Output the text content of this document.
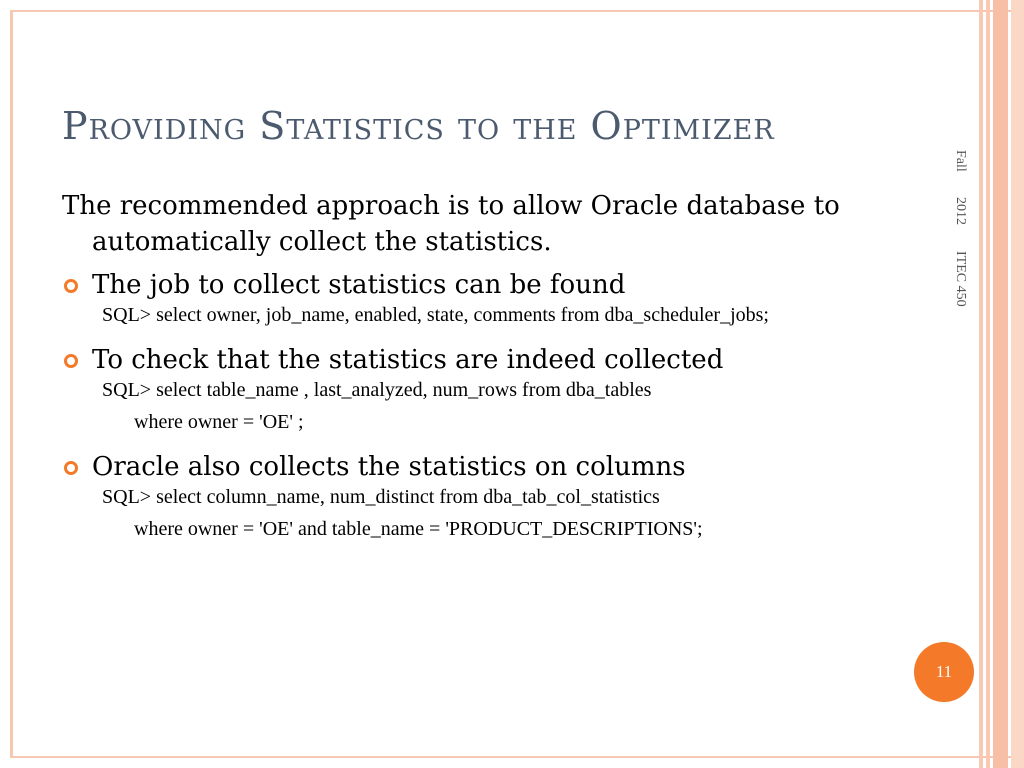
Providing Statistics to the Optimizer

The recommended approach is to allow Oracle database to automatically collect the statistics.

The job to collect statistics can be found

SQL> select owner, job_name, enabled, state, comments from dba_scheduler_jobs;

To check that the statistics are indeed collected

SQL> select table_name , last_analyzed, num_rows from dba_tables

where owner = 'OE' ;

Oracle also collects the statistics on columns

SQL> select column_name, num_distinct from dba_tab_col_statistics

where owner = 'OE' and table_name = 'PRODUCT_DESCRIPTIONS';

Fall 2012 ITEC 450
11
